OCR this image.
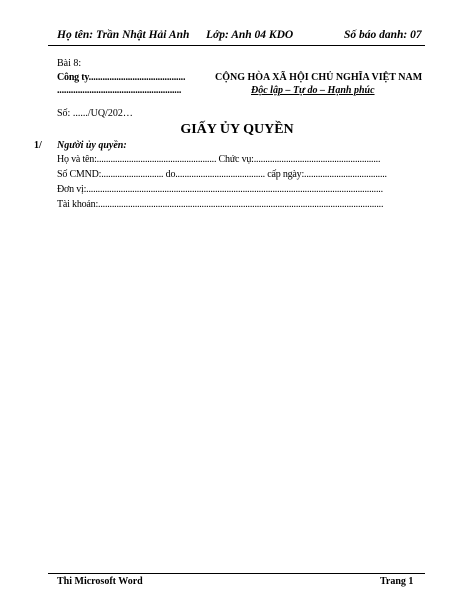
Họ tên: Trần Nhật Hải Anh Lớp: Anh 04 KDO	Số báo danh: 07
Bài 8:
Công ty..........................................
......................................................
CỘNG HÒA XÃ HỘI CHỦ NGHĨA VIỆT NAM
Độc lập – Tự do – Hạnh phúc
Số: ....../UQ/202…
GIẤY ỦY QUYỀN
1/ Người ủy quyền:
Họ và tên:.................................................... Chức vụ:.......................................................
Số CMND:........................... do....................................... cấp ngày:....................................
Đơn vị:.................................................................................................................................
Tài khoản:............................................................................................................................
Thi Microsoft Word	Trang 1
